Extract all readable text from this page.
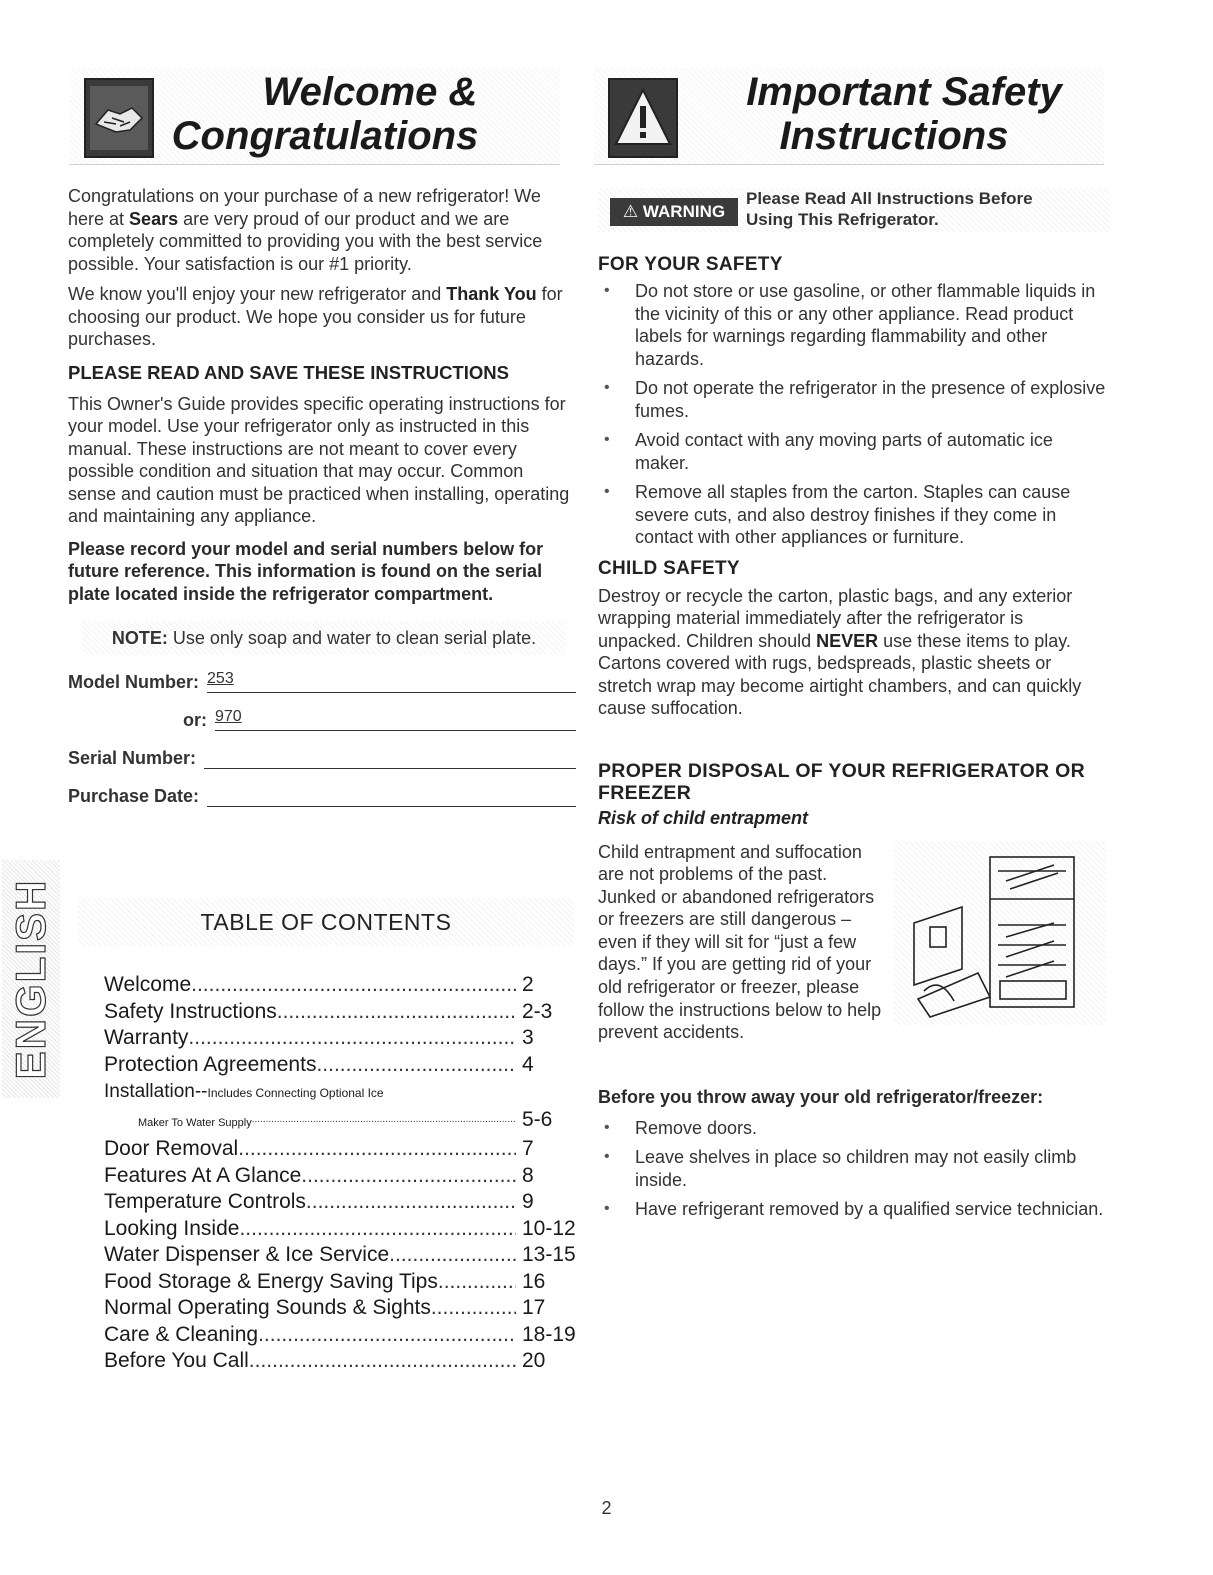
Welcome &
Congratulations
Important Safety
Instructions

Congratulations on your purchase of a new refrigerator! We here at Sears are very proud of our product and we are completely committed to providing you with the best service possible. Your satisfaction is our #1 priority.

We know you'll enjoy your new refrigerator and Thank You for choosing our product. We hope you consider us for future purchases.

PLEASE READ AND SAVE THESE INSTRUCTIONS

This Owner's Guide provides specific operating instructions for your model. Use your refrigerator only as instructed in this manual. These instructions are not meant to cover every possible condition and situation that may occur. Common sense and caution must be practiced when installing, operating and maintaining any appliance.

Please record your model and serial numbers below for future reference. This information is found on the serial plate located inside the refrigerator compartment.

NOTE: Use only soap and water to clean serial plate.
Model Number: 253
or: 970
Serial Number:
Purchase Date:
ENGLISH	TABLE OF CONTENTS
Welcome .....	2
Safety Instructions .....	2-3
Warranty .....	3
Protection Agreements .....	4
Installation--Includes Connecting Optional Ice
Maker To Water Supply .....	5-6
Door Removal .....	7
Features At A Glance .....	8
Temperature Controls .....	9
Looking Inside .....	10-12
Water Dispenser & Ice Service .....	13-15
Food Storage & Energy Saving Tips .....	16
Normal Operating Sounds & Sights .....	17
Care & Cleaning .....	18-19
Before You Call .....	20
⚠ WARNING
Please Read All Instructions Before Using This Refrigerator.

FOR YOUR SAFETY

• Do not store or use gasoline, or other flammable liquids in the vicinity of this or any other appliance. Read product labels for warnings regarding flammability and other hazards.
• Do not operate the refrigerator in the presence of explosive fumes.
• Avoid contact with any moving parts of automatic ice maker.
• Remove all staples from the carton. Staples can cause severe cuts, and also destroy finishes if they come in contact with other appliances or furniture.

CHILD SAFETY

Destroy or recycle the carton, plastic bags, and any exterior wrapping material immediately after the refrigerator is unpacked. Children should NEVER use these items to play. Cartons covered with rugs, bedspreads, plastic sheets or stretch wrap may become airtight chambers, and can quickly cause suffocation.

PROPER DISPOSAL OF YOUR REFRIGERATOR OR FREEZER

Risk of child entrapment

Child entrapment and suffocation are not problems of the past. Junked or abandoned refrigerators or freezers are still dangerous – even if they will sit for “just a few days.” If you are getting rid of your old refrigerator or freezer, please follow the instructions below to help prevent accidents.

Before you throw away your old refrigerator/freezer:

• Remove doors.
• Leave shelves in place so children may not easily climb inside.
• Have refrigerant removed by a qualified service technician.
2
